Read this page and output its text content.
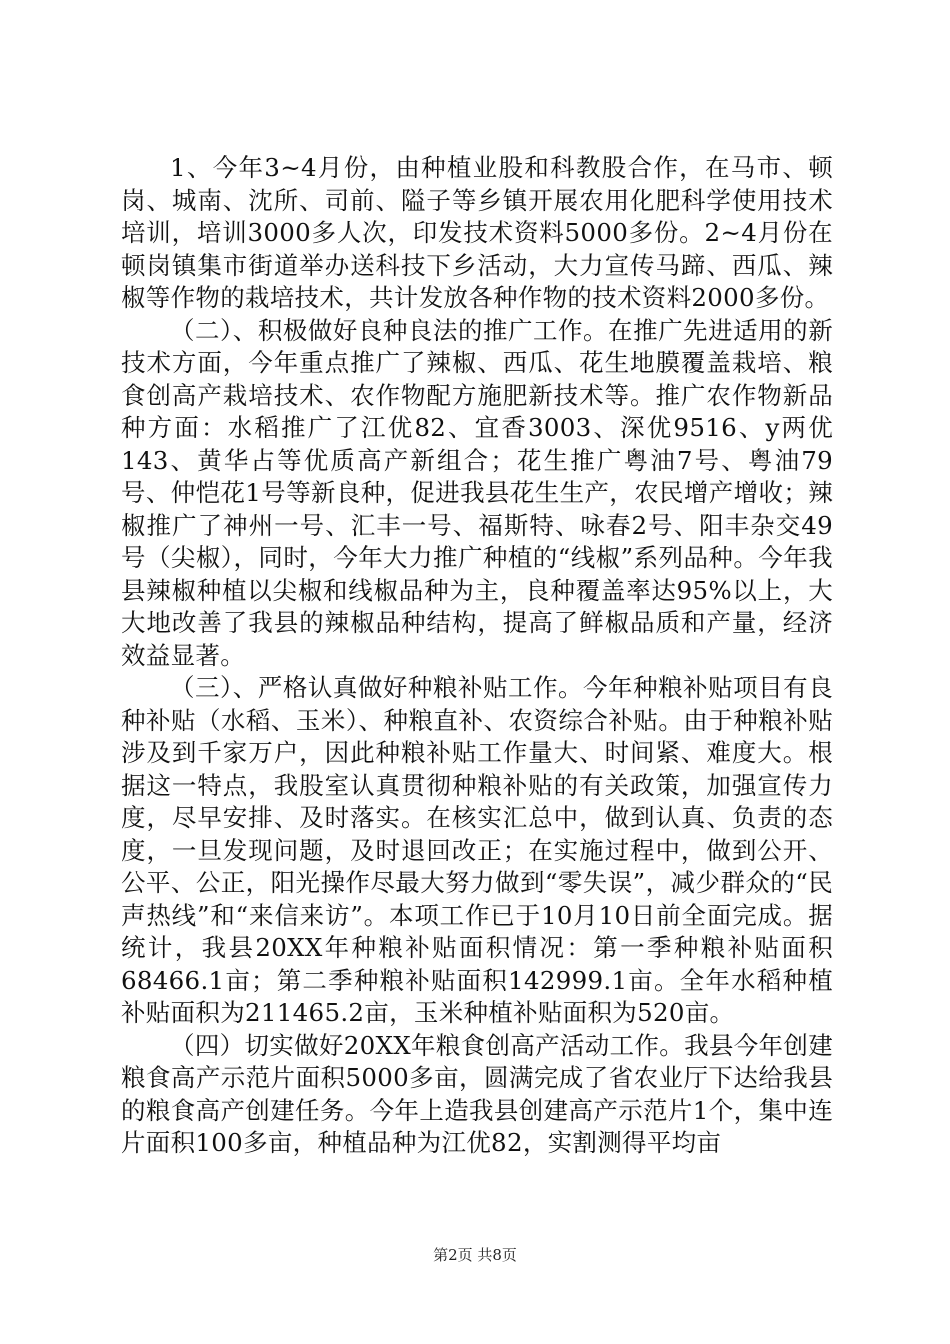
1、今年3~4月份，由种植业股和科教股合作，在马市、顿岗、城南、沈所、司前、隘子等乡镇开展农用化肥科学使用技术培训，培训3000多人次，印发技术资料5000多份。2~4月份在顿岗镇集市街道举办送科技下乡活动，大力宣传马蹄、西瓜、辣椒等作物的栽培技术，共计发放各种作物的技术资料2000多份。

（二）、积极做好良种良法的推广工作。在推广先进适用的新技术方面，今年重点推广了辣椒、西瓜、花生地膜覆盖栽培、粮食创高产栽培技术、农作物配方施肥新技术等。推广农作物新品种方面：水稻推广了江优82、宜香3003、深优9516、y两优143、黄华占等优质高产新组合；花生推广粤油7号、粤油79号、仲恺花1号等新良种，促进我县花生生产，农民增产增收；辣椒推广了神州一号、汇丰一号、福斯特、咏春2号、阳丰杂交49号（尖椒），同时，今年大力推广种植的“线椒”系列品种。今年我县辣椒种植以尖椒和线椒品种为主，良种覆盖率达95%以上，大大地改善了我县的辣椒品种结构，提高了鲜椒品质和产量，经济效益显著。

（三）、严格认真做好种粮补贴工作。今年种粮补贴项目有良种补贴（水稻、玉米）、种粮直补、农资综合补贴。由于种粮补贴涉及到千家万户，因此种粮补贴工作量大、时间紧、难度大。根据这一特点，我股室认真贯彻种粮补贴的有关政策，加强宣传力度，尽早安排、及时落实。在核实汇总中，做到认真、负责的态度，一旦发现问题，及时退回改正；在实施过程中，做到公开、公平、公正，阳光操作尽最大努力做到“零失误”，减少群众的“民声热线”和“来信来访”。本项工作已于10月10日前全面完成。据统计，我县20XX年种粮补贴面积情况：第一季种粮补贴面积68466.1亩；第二季种粮补贴面积142999.1亩。全年水稻种植补贴面积为211465.2亩，玉米种植补贴面积为520亩。

（四）切实做好20XX年粮食创高产活动工作。我县今年创建粮食高产示范片面积5000多亩，圆满完成了省农业厅下达给我县的粮食高产创建任务。今年上造我县创建高产示范片1个，集中连片面积100多亩，种植品种为江优82，实割测得平均亩

第2页 共8页
